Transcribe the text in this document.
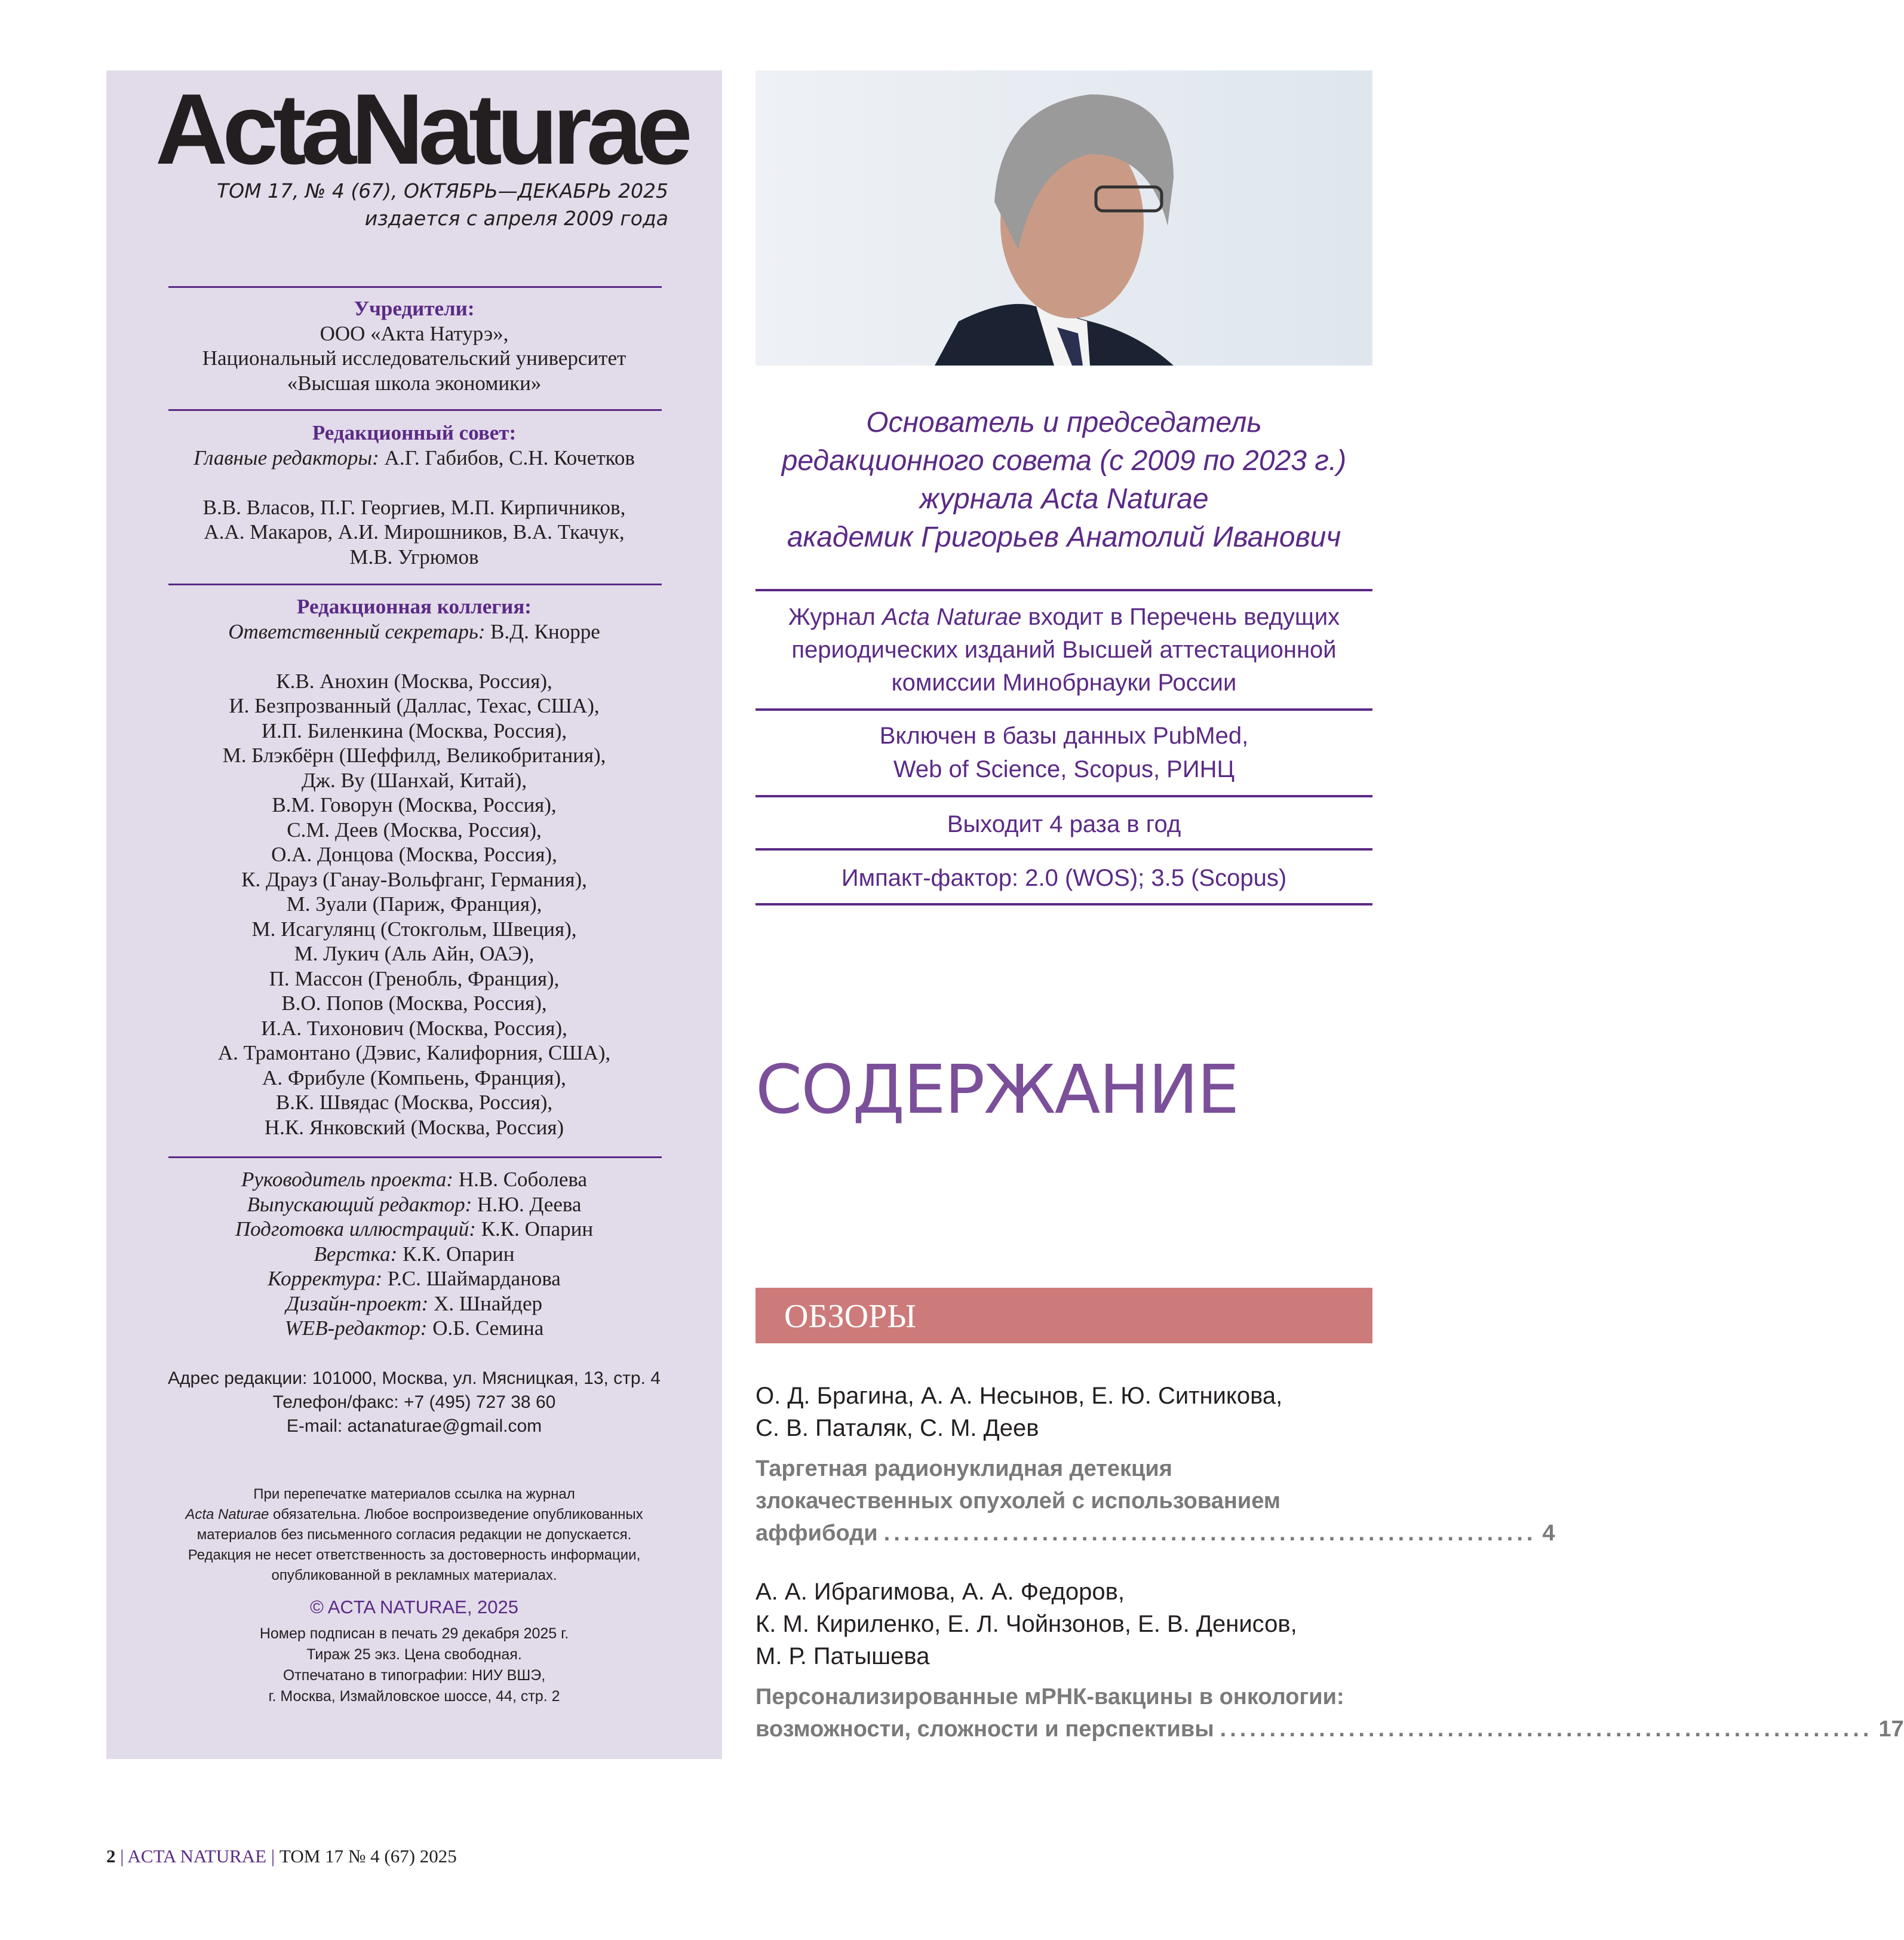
ActaNaturae
ТОМ 17, № 4 (67), ОКТЯБРЬ—ДЕКАБРЬ 2025
издается с апреля 2009 года
Учредители:
ООО «Акта Натурэ»,
Национальный исследовательский университет
«Высшая школа экономики»
Редакционный совет:
Главные редакторы: А.Г. Габибов, С.Н. Кочетков
В.В. Власов, П.Г. Георгиев, М.П. Кирпичников,
А.А. Макаров, А.И. Мирошников, В.А. Ткачук,
М.В. Угрюмов
Редакционная коллегия:
Ответственный секретарь: В.Д. Кнорре
К.В. Анохин (Москва, Россия),
И. Безпрозванный (Даллас, Техас, США),
И.П. Биленкина (Москва, Россия),
М. Блэкбёрн (Шеффилд, Великобритания),
Дж. Ву (Шанхай, Китай),
В.М. Говорун (Москва, Россия),
С.М. Деев (Москва, Россия),
О.А. Донцова (Москва, Россия),
К. Драуз (Ганау-Вольфганг, Германия),
М. Зуали (Париж, Франция),
М. Исагулянц (Стокгольм, Швеция),
М. Лукич (Аль Айн, ОАЭ),
П. Массон (Гренобль, Франция),
В.О. Попов (Москва, Россия),
И.А. Тихонович (Москва, Россия),
А. Трамонтано (Дэвис, Калифорния, США),
А. Фрибуле (Компьень, Франция),
В.К. Швядас (Москва, Россия),
Н.К. Янковский (Москва, Россия)
Руководитель проекта: Н.В. Соболева
Выпускающий редактор: Н.Ю. Деева
Подготовка иллюстраций: К.К. Опарин
Верстка: К.К. Опарин
Корректура: Р.С. Шаймарданова
Дизайн-проект: Х. Шнайдер
WEB-редактор: О.Б. Семина
Адрес редакции: 101000, Москва, ул. Мясницкая, 13, стр. 4
Телефон/факс: +7 (495) 727 38 60
E-mail: actanaturae@gmail.com
При перепечатке материалов ссылка на журнал
Acta Naturae обязательна. Любое воспроизведение опубликованных
материалов без письменного согласия редакции не допускается.
Редакция не несет ответственность за достоверность информации,
опубликованной в рекламных материалах.
© ACTA NATURAE, 2025
Номер подписан в печать 29 декабря 2025 г.
Тираж 25 экз. Цена свободная.
Отпечатано в типографии: НИУ ВШЭ,
г. Москва, Измайловское шоссе, 44, стр. 2
Основатель и председатель
редакционного совета (с 2009 по 2023 г.)
журнала Acta Naturae
академик Григорьев Анатолий Иванович
Журнал Acta Naturae входит в Перечень ведущих
периодических изданий Высшей аттестационной
комиссии Минобрнауки России
Включен в базы данных PubMed,
Web of Science, Scopus, РИНЦ
Выходит 4 раза в год
Импакт-фактор: 2.0 (WOS); 3.5 (Scopus)
СОДЕРЖАНИЕ
ОБЗОРЫ
О. Д. Брагина, А. А. Несынов, Е. Ю. Ситникова,
С. В. Паталяк, С. М. Деев
Таргетная радионуклидная детекция
злокачественных опухолей с использованием
аффибоди .................................................................. 4
А. А. Ибрагимова, А. А. Федоров,
К. М. Кириленко, Е. Л. Чойнзонов, Е. В. Денисов,
М. Р. Патышева
Персонализированные мРНК-вакцины в онкологии:
возможности, сложности и перспективы .................................................................. 17
2 | ACTA NATURAE | ТОМ 17 № 4 (67) 2025
